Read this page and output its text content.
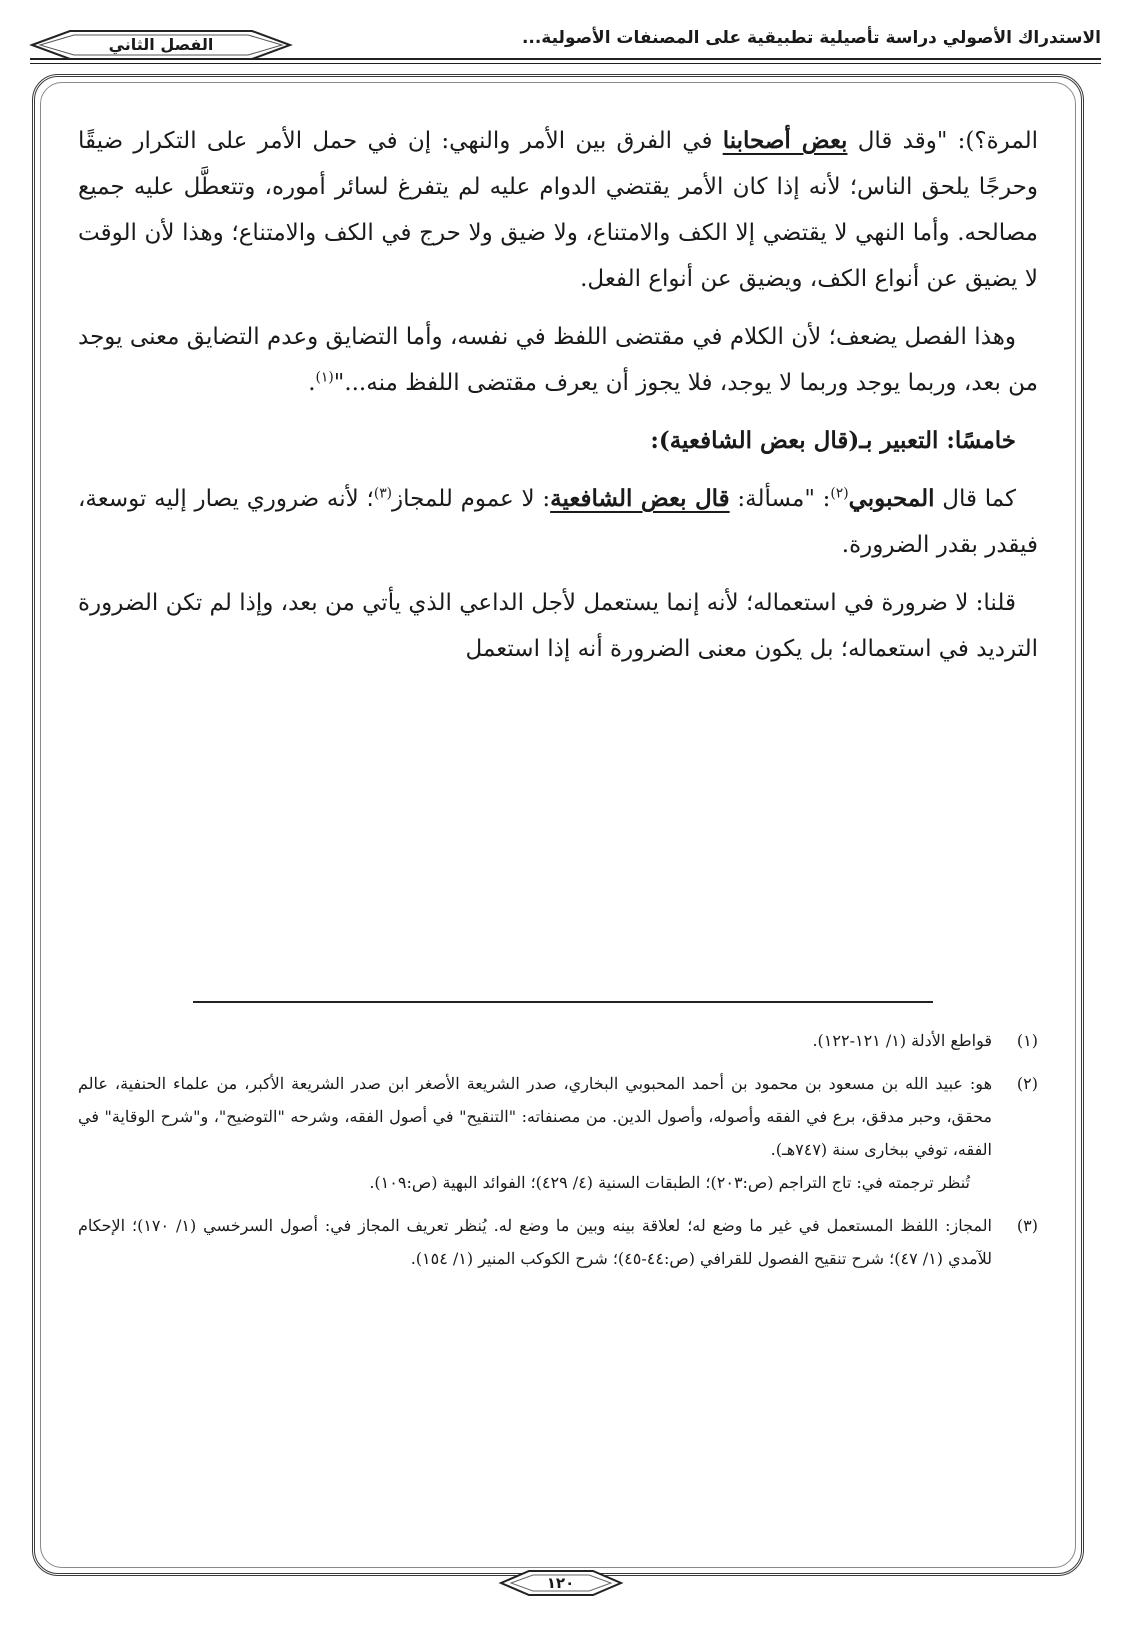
الاستدراك الأصولي دراسة تأصيلية تطبيقية على المصنفات الأصولية...
الفصل الثاني

المرة؟): "وقد قال بعض أصحابنا في الفرق بين الأمر والنهي: إن في حمل الأمر على التكرار ضيقًا وحرجًا يلحق الناس؛ لأنه إذا كان الأمر يقتضي الدوام عليه لم يتفرغ لسائر أموره، وتتعطَّل عليه جميع مصالحه. وأما النهي لا يقتضي إلا الكف والامتناع، ولا ضيق ولا حرج في الكف والامتناع؛ وهذا لأن الوقت لا يضيق عن أنواع الكف، ويضيق عن أنواع الفعل.

وهذا الفصل يضعف؛ لأن الكلام في مقتضى اللفظ في نفسه، وأما التضايق وعدم التضايق معنى يوجد من بعد، وربما يوجد وربما لا يوجد، فلا يجوز أن يعرف مقتضى اللفظ منه..."$^{(١)}$.

خامسًا: التعبير بـ(قال بعض الشافعية):

كما قال المحبوبي$^{(٢)}$: "مسألة: قال بعض الشافعية: لا عموم للمجاز$^{(٣)}$؛ لأنه ضروري يصار إليه توسعة، فيقدر بقدر الضرورة.

قلنا: لا ضرورة في استعماله؛ لأنه إنما يستعمل لأجل الداعي الذي يأتي من بعد، وإذا لم تكن الضرورة الترديد في استعماله؛ بل يكون معنى الضرورة أنه إذا استعمل

(١)
قواطع الأدلة (١/ ١٢١-١٢٢).
(٢)
هو: عبيد الله بن مسعود بن محمود بن أحمد المحبوبي البخاري، صدر الشريعة الأصغر ابن صدر الشريعة الأكبر، من علماء الحنفية، عالم محقق، وحبر مدقق، برع في الفقه وأصوله، وأصول الدين. من مصنفاته: "التنقيح" في أصول الفقه، وشرحه "التوضيح"، و"شرح الوقاية" في الفقه، توفي ببخارى سنة (٧٤٧هـ).
تُنظر ترجمته في: تاج التراجم (ص:٢٠٣)؛ الطبقات السنية (٤/ ٤٢٩)؛ الفوائد البهية (ص:١٠٩).
(٣)
المجاز: اللفظ المستعمل في غير ما وضع له؛ لعلاقة بينه وبين ما وضع له. يُنظر تعريف المجاز في: أصول السرخسي (١/ ١٧٠)؛ الإحكام للآمدي (١/ ٤٧)؛ شرح تنقيح الفصول للقرافي (ص:٤٤-٤٥)؛ شرح الكوكب المنير (١/ ١٥٤).
١٢٠
